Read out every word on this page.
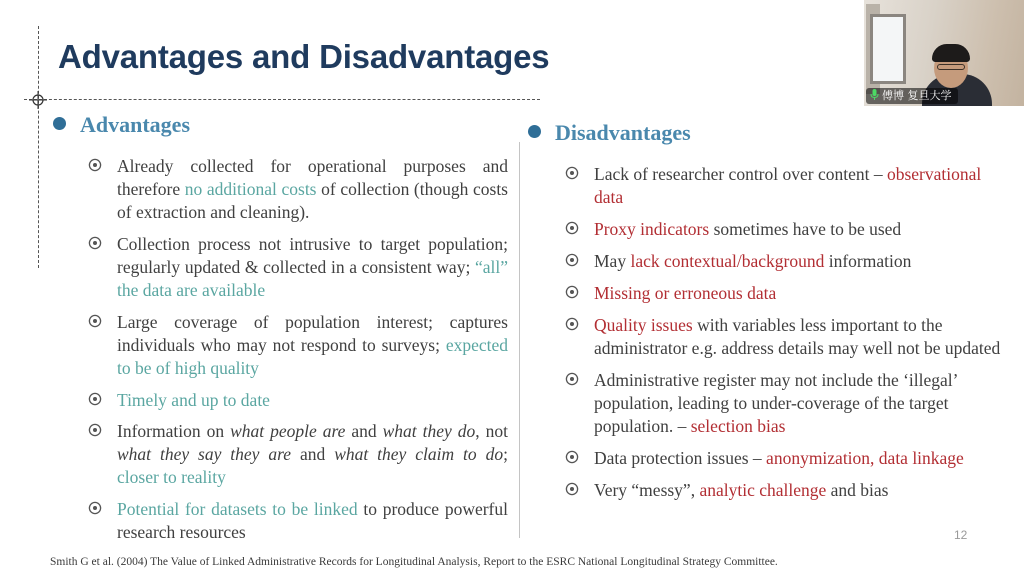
Advantages and Disadvantages
Advantages
Already collected for operational purposes and therefore no additional costs of collection (though costs of extraction and cleaning).
Collection process not intrusive to target population; regularly updated & collected in a consistent way; “all” the data are available
Large coverage of population interest; captures individuals who may not respond to surveys; expected to be of high quality
Timely and up to date
Information on what people are and what they do, not what they say they are and what they claim to do; closer to reality
Potential for datasets to be linked to produce powerful research resources
Disadvantages
Lack of researcher control over content – observational data
Proxy indicators sometimes have to be used
May lack contextual/background information
Missing or erroneous data
Quality issues with variables less important to the administrator e.g. address details may well not be updated
Administrative register may not include the ‘illegal’ population, leading to under-coverage of the target population. – selection bias
Data protection issues – anonymization, data linkage
Very “messy”, analytic challenge and bias
12
Smith G et al. (2004) The Value of Linked Administrative Records for Longitudinal Analysis, Report to the ESRC National Longitudinal Strategy Committee.
傅博 复旦大学
